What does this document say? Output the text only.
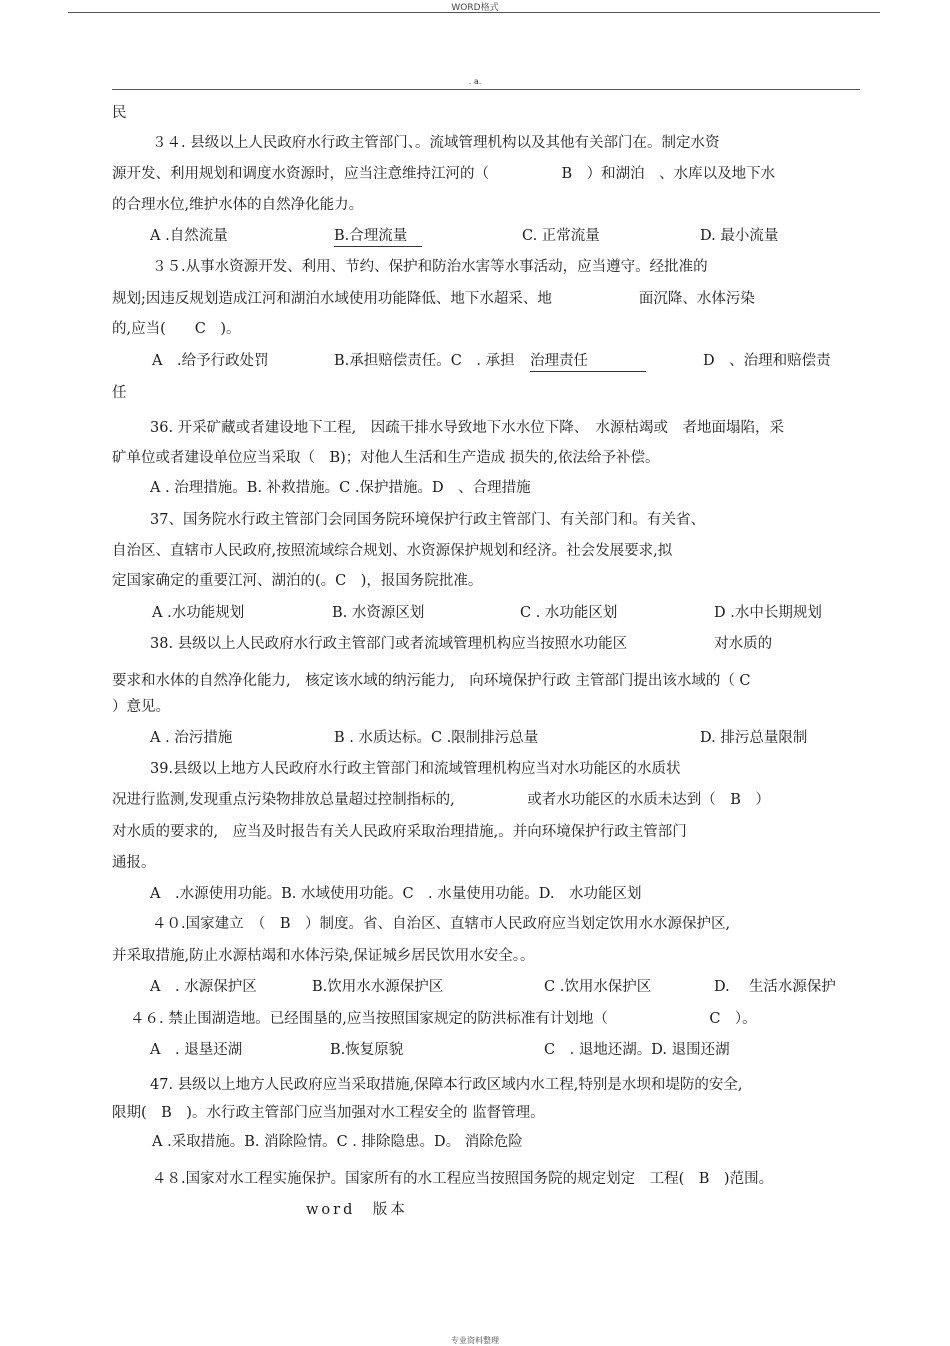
WORD格式
. a.
民
３４. 县级以上人民政府水行政主管部门、。流域管理机构以及其他有关部门在。制定水资
源开发、利用规划和调度水资源时，应当注意维持江河的（　　　　　B　）和湖泊　、水库以及地下水
的合理水位,维护水体的自然净化能力。
A .自然流量	B.合理流量　	C. 正常流量	D. 最小流量
３５.从事水资源开发、利用、节约、保护和防治水害等水事活动，应当遵守。经批准的
规划;因违反规划造成江河和湖泊水域使用功能降低、地下水超采、地　　　　　　面沉降、水体污染
的,应当(　　C　)。
A　.给予行政处罚	B.承担赔偿责任。C　. 承担 治理责任　　　　	D　、治理和赔偿责
任
36. 开采矿藏或者建设地下工程,　因疏干排水导致地下水水位下降、　水源枯竭或　者地面塌陷，采
矿单位或者建设单位应当采取（　B)；对他人生活和生产造成 损失的,依法给予补偿。
A . 治理措施。B. 补救措施。C .保护措施。D　、合理措施
37、国务院水行政主管部门会同国务院环境保护行政主管部门、有关部门和。有关省、
自治区、直辖市人民政府,按照流域综合规划、水资源保护规划和经济。社会发展要求,拟
定国家确定的重要江河、湖泊的(。C　)，报国务院批准。
A .水功能规划	B. 水资源区划	C . 水功能区划	D .水中长期规划
38. 县级以上人民政府水行政主管部门或者流域管理机构应当按照水功能区　　　　　　对水质的
要求和水体的自然净化能力,　核定该水域的纳污能力,　向环境保护行政 主管部门提出该水域的（ C
）意见。
A . 治污措施	B . 水质达标。C .限制排污总量	D. 排污总量限制
39.县级以上地方人民政府水行政主管部门和流域管理机构应当对水功能区的水质状
况进行监测,发现重点污染物排放总量超过控制指标的,　　　　　或者水功能区的水质未达到（　B　）
对水质的要求的,　应当及时报告有关人民政府采取治理措施,。并向环境保护行政主管部门
通报。
A　.水源使用功能。B. 水域使用功能。C　. 水量使用功能。D.　水功能区划
４０.国家建立　（　B　）制度。省、自治区、直辖市人民政府应当划定饮用水水源保护区,
并采取措施,防止水源枯竭和水体污染,保证城乡居民饮用水安全。。
A　. 水源保护区	B.饮用水水源保护区	C .饮用水保护区	D.　 生活水源保护
４６. 禁止围湖造地。已经围垦的,应当按照国家规定的防洪标准有计划地（　　　　　　　C　）。
A　. 退垦还湖	B.恢复原貌	C　. 退地还湖。D. 退围还湖
47. 县级以上地方人民政府应当采取措施,保障本行政区域内水工程,特别是水坝和堤防的安全,
限期(　B　)。水行政主管部门应当加强对水工程安全的 监督管理。
A .采取措施。B. 消除险情。C . 排除隐患。D。 消除危险
４８.国家对水工程实施保护。国家所有的水工程应当按照国务院的规定划定　工程(　B　)范围。
word　版本
专业资料整理
